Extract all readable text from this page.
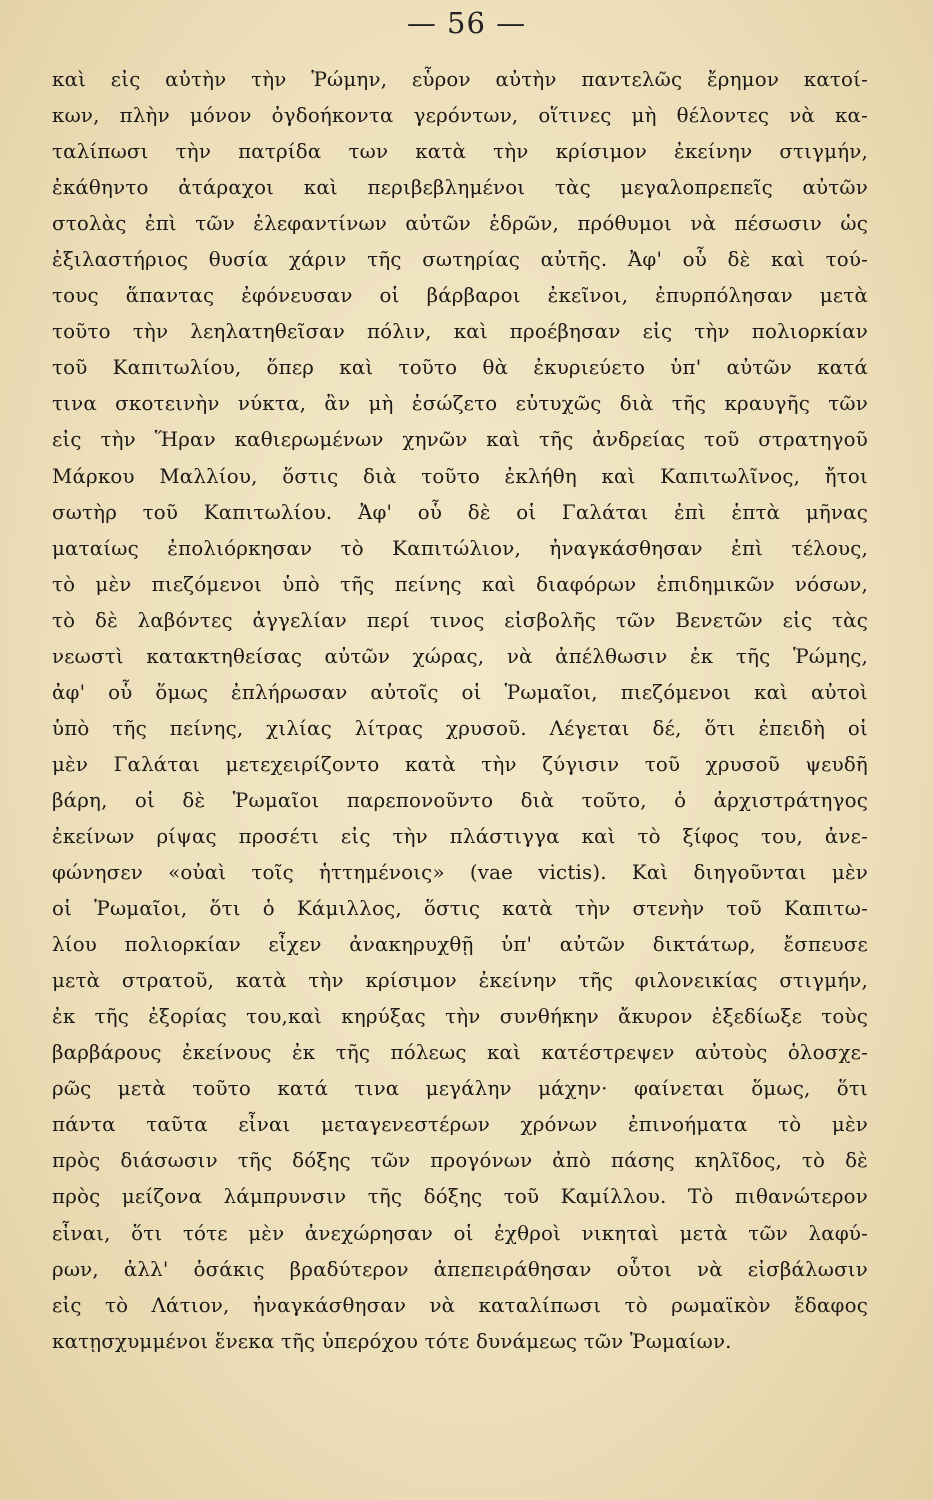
— 56 —
καὶ εἰς αὐτὴν τὴν Ῥώμην, εὗρον αὐτὴν παντελῶς ἔρημον κατοί-
κων, πλὴν μόνον ὀγδοήκοντα γερόντων, οἵτινες μὴ θέλοντες νὰ κα-
ταλίπωσι τὴν πατρίδα των κατὰ τὴν κρίσιμον ἐκείνην στιγμήν,
ἐκάθηντο ἀτάραχοι καὶ περιβεβλημένοι τὰς μεγαλοπρεπεῖς αὐτῶν
στολὰς ἐπὶ τῶν ἐλεφαντίνων αὐτῶν ἑδρῶν, πρόθυμοι νὰ πέσωσιν ὡς
ἐξιλαστήριος θυσία χάριν τῆς σωτηρίας αὐτῆς. Ἀφ' οὗ δὲ καὶ τού-
τους ἅπαντας ἐφόνευσαν οἱ βάρβαροι ἐκεῖνοι, ἐπυρπόλησαν μετὰ
τοῦτο τὴν λεηλατηθεῖσαν πόλιν, καὶ προέβησαν εἰς τὴν πολιορκίαν
τοῦ Καπιτωλίου, ὅπερ καὶ τοῦτο θὰ ἐκυριεύετο ὑπ' αὐτῶν κατά
τινα σκοτεινὴν νύκτα, ἂν μὴ ἐσώζετο εὐτυχῶς διὰ τῆς κραυγῆς τῶν
εἰς τὴν Ἥραν καθιερωμένων χηνῶν καὶ τῆς ἀνδρείας τοῦ στρατηγοῦ
Μάρκου Μαλλίου, ὅστις διὰ τοῦτο ἐκλήθη καὶ Καπιτωλῖνος, ἤτοι
σωτὴρ τοῦ Καπιτωλίου. Ἀφ' οὗ δὲ οἱ Γαλάται ἐπὶ ἑπτὰ μῆνας
ματαίως ἐπολιόρκησαν τὸ Καπιτώλιον, ἠναγκάσθησαν ἐπὶ τέλους,
τὸ μὲν πιεζόμενοι ὑπὸ τῆς πείνης καὶ διαφόρων ἐπιδημικῶν νόσων,
τὸ δὲ λαβόντες ἀγγελίαν περί τινος εἰσβολῆς τῶν Βενετῶν εἰς τὰς
νεωστὶ κατακτηθείσας αὐτῶν χώρας, νὰ ἀπέλθωσιν ἐκ τῆς Ῥώμης,
ἀφ' οὗ ὅμως ἐπλήρωσαν αὐτοῖς οἱ Ῥωμαῖοι, πιεζόμενοι καὶ αὐτοὶ
ὑπὸ τῆς πείνης, χιλίας λίτρας χρυσοῦ. Λέγεται δέ, ὅτι ἐπειδὴ οἱ
μὲν Γαλάται μετεχειρίζοντο κατὰ τὴν ζύγισιν τοῦ χρυσοῦ ψευδῆ
βάρη, οἱ δὲ Ῥωμαῖοι παρεπονοῦντο διὰ τοῦτο, ὁ ἀρχιστράτηγος
ἐκείνων ρίψας προσέτι εἰς τὴν πλάστιγγα καὶ τὸ ξίφος του, ἀνε-
φώνησεν «οὐαὶ τοῖς ἡττημένοις» (vae victis). Καὶ διηγοῦνται μὲν
οἱ Ῥωμαῖοι, ὅτι ὁ Κάμιλλος, ὅστις κατὰ τὴν στενὴν τοῦ Καπιτω-
λίου πολιορκίαν εἶχεν ἀνακηρυχθῇ ὑπ' αὐτῶν δικτάτωρ, ἔσπευσε
μετὰ στρατοῦ, κατὰ τὴν κρίσιμον ἐκείνην τῆς φιλονεικίας στιγμήν,
ἐκ τῆς ἐξορίας του,καὶ κηρύξας τὴν συνθήκην ἄκυρον ἐξεδίωξε τοὺς
βαρβάρους ἐκείνους ἐκ τῆς πόλεως καὶ κατέστρεψεν αὐτοὺς ὁλοσχε-
ρῶς μετὰ τοῦτο κατά τινα μεγάλην μάχην· φαίνεται ὅμως, ὅτι
πάντα ταῦτα εἶναι μεταγενεστέρων χρόνων ἐπινοήματα τὸ μὲν
πρὸς διάσωσιν τῆς δόξης τῶν προγόνων ἀπὸ πάσης κηλῖδος, τὸ δὲ
πρὸς μείζονα λάμπρυνσιν τῆς δόξης τοῦ Καμίλλου. Τὸ πιθανώτερον
εἶναι, ὅτι τότε μὲν ἀνεχώρησαν οἱ ἐχθροὶ νικηταὶ μετὰ τῶν λαφύ-
ρων, ἀλλ' ὁσάκις βραδύτερον ἀπεπειράθησαν οὗτοι νὰ εἰσβάλωσιν
εἰς τὸ Λάτιον, ἠναγκάσθησαν νὰ καταλίπωσι τὸ ρωμαϊκὸν ἔδαφος
κατῃσχυμμένοι ἕνεκα τῆς ὑπερόχου τότε δυνάμεως τῶν Ῥωμαίων.
